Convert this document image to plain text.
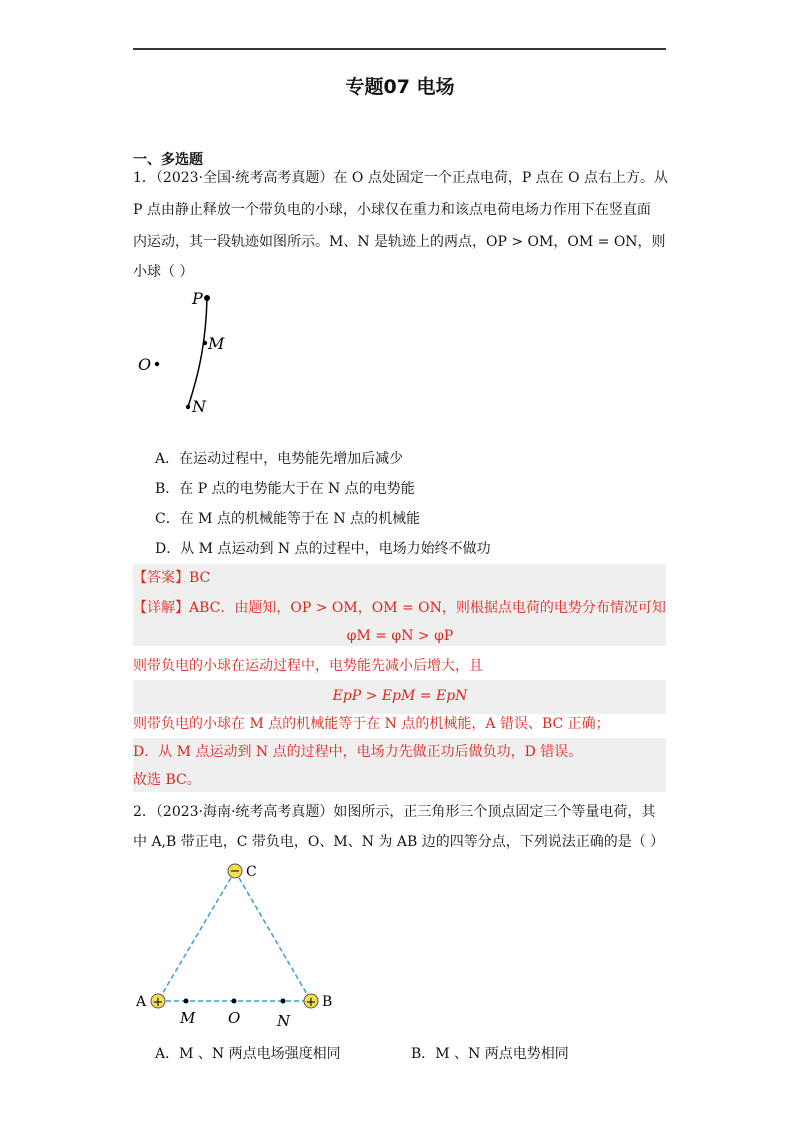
专题07 电场
一、多选题
1．（2023·全国·统考高考真题）在 O 点处固定一个正点电荷，P 点在 O 点右上方。从
P 点由静止释放一个带负电的小球，小球仅在重力和该点电荷电场力作用下在竖直面
内运动，其一段轨迹如图所示。M、N 是轨迹上的两点，OP > OM，OM = ON，则
小球（ ）
P
M
N
O
A．在运动过程中，电势能先增加后减少
B．在 P 点的电势能大于在 N 点的电势能
C．在 M 点的机械能等于在 N 点的机械能
D．从 M 点运动到 N 点的过程中，电场力始终不做功
【答案】BC
【详解】ABC．由题知，OP > OM，OM = ON，则根据点电荷的电势分布情况可知
φM = φN > φP
则带负电的小球在运动过程中，电势能先减小后增大，且
EpP > EpM = EpN
则带负电的小球在 M 点的机械能等于在 N 点的机械能，A 错误、BC 正确；
D．从 M 点运动到 N 点的过程中，电场力先做正功后做负功，D 错误。
故选 BC。
2．（2023·海南·统考高考真题）如图所示，正三角形三个顶点固定三个等量电荷，其
中 A,B 带正电，C 带负电，O、M、N 为 AB 边的四等分点，下列说法正确的是（ ）
−
+	+
C
A	B
M O N
A．M 、N 两点电场强度相同	B．M 、N 两点电势相同
